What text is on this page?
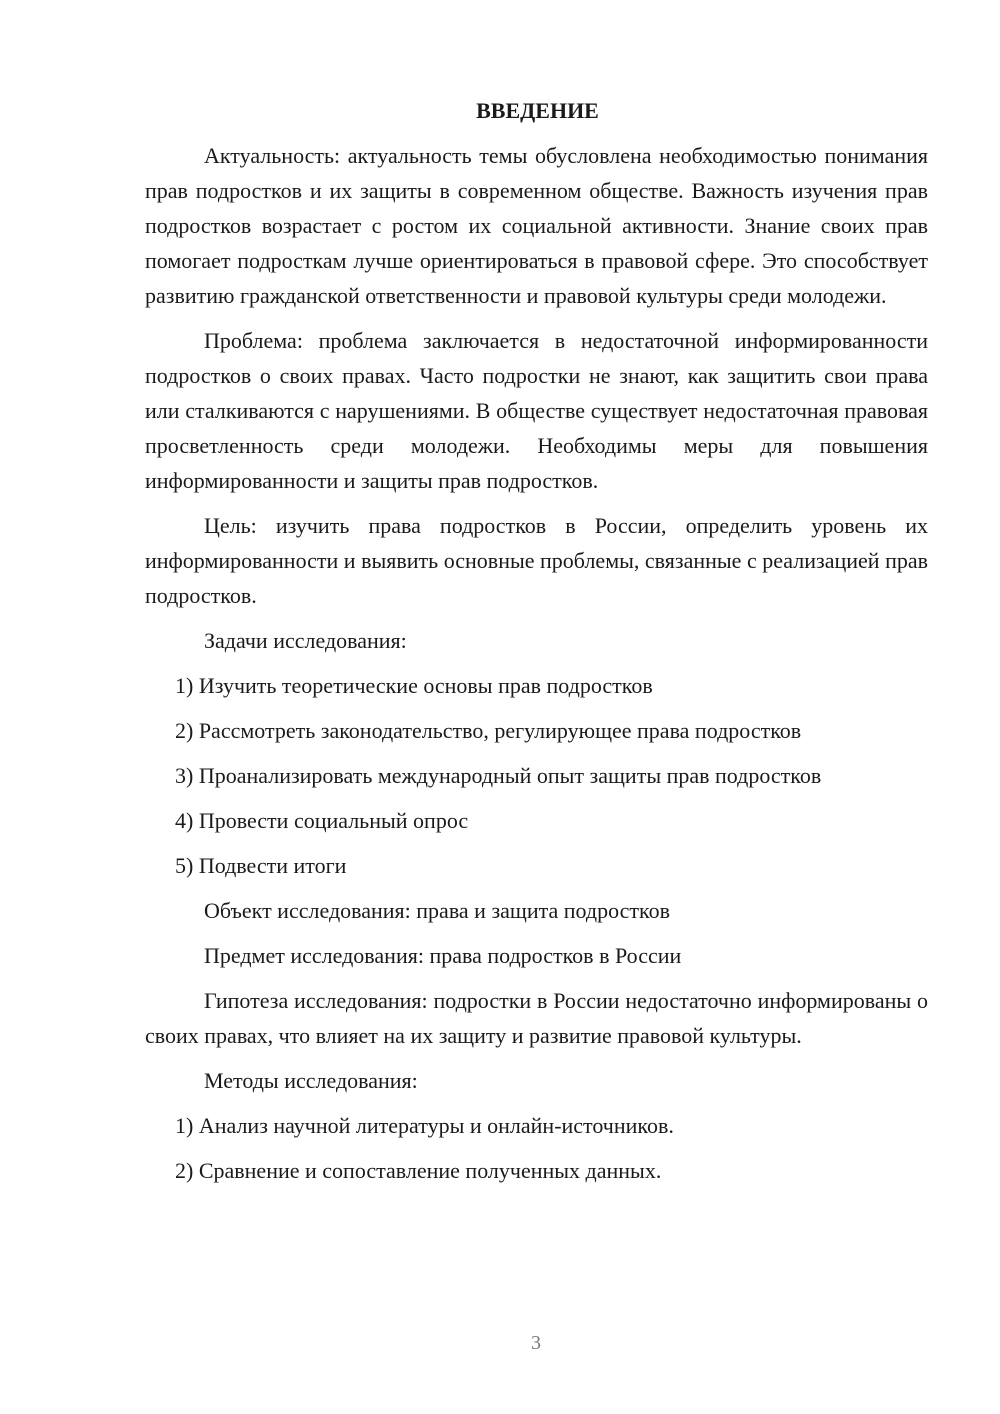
ВВЕДЕНИЕ

Актуальность: актуальность темы обусловлена необходимостью понимания прав подростков и их защиты в современном обществе. Важность изучения прав подростков возрастает с ростом их социальной активности. Знание своих прав помогает подросткам лучше ориентироваться в правовой сфере. Это способствует развитию гражданской ответственности и правовой культуры среди молодежи.

Проблема: проблема заключается в недостаточной информированности подростков о своих правах. Часто подростки не знают, как защитить свои права или сталкиваются с нарушениями. В обществе существует недостаточная правовая просветленность среди молодежи. Необходимы меры для повышения информированности и защиты прав подростков.

Цель: изучить права подростков в России, определить уровень их информированности и выявить основные проблемы, связанные с реализацией прав подростков.

Задачи исследования:

1) Изучить теоретические основы прав подростков

2) Рассмотреть законодательство, регулирующее права подростков

3) Проанализировать международный опыт защиты прав подростков

4) Провести социальный опрос

5) Подвести итоги

Объект исследования: права и защита подростков

Предмет исследования: права подростков в России

Гипотеза исследования: подростки в России недостаточно информированы о своих правах, что влияет на их защиту и развитие правовой культуры.

Методы исследования:

1) Анализ научной литературы и онлайн-источников.

2) Сравнение и сопоставление полученных данных.

3
